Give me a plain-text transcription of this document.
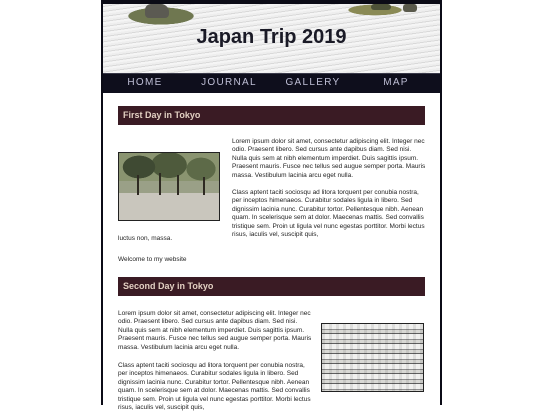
Japan Trip 2019
HOME	JOURNAL	GALLERY	MAP
First Day in Tokyo
Lorem ipsum dolor sit amet, consectetur adipiscing elit. Integer nec odio. Praesent libero. Sed cursus ante dapibus diam. Sed nisi. Nulla quis sem at nibh elementum imperdiet. Duis sagittis ipsum. Praesent mauris. Fusce nec tellus sed augue semper porta. Mauris massa. Vestibulum lacinia arcu eget nulla.
Class aptent taciti sociosqu ad litora torquent per conubia nostra, per inceptos himenaeos. Curabitur sodales ligula in libero. Sed dignissim lacinia nunc. Curabitur tortor. Pellentesque nibh. Aenean quam. In scelerisque sem at dolor. Maecenas mattis. Sed convallis tristique sem. Proin ut ligula vel nunc egestas porttitor. Morbi lectus risus, iaculis vel, suscipit quis,
luctus non, massa.
Welcome to my website
Second Day in Tokyo
Lorem ipsum dolor sit amet, consectetur adipiscing elit. Integer nec odio. Praesent libero. Sed cursus ante dapibus diam. Sed nisi. Nulla quis sem at nibh elementum imperdiet. Duis sagittis ipsum. Praesent mauris. Fusce nec tellus sed augue semper porta. Mauris massa. Vestibulum lacinia arcu eget nulla.
Class aptent taciti sociosqu ad litora torquent per conubia nostra, per inceptos himenaeos. Curabitur sodales ligula in libero. Sed dignissim lacinia nunc. Curabitur tortor. Pellentesque nibh. Aenean quam. In scelerisque sem at dolor. Maecenas mattis. Sed convallis tristique sem. Proin ut ligula vel nunc egestas porttitor. Morbi lectus risus, iaculis vel, suscipit quis,
